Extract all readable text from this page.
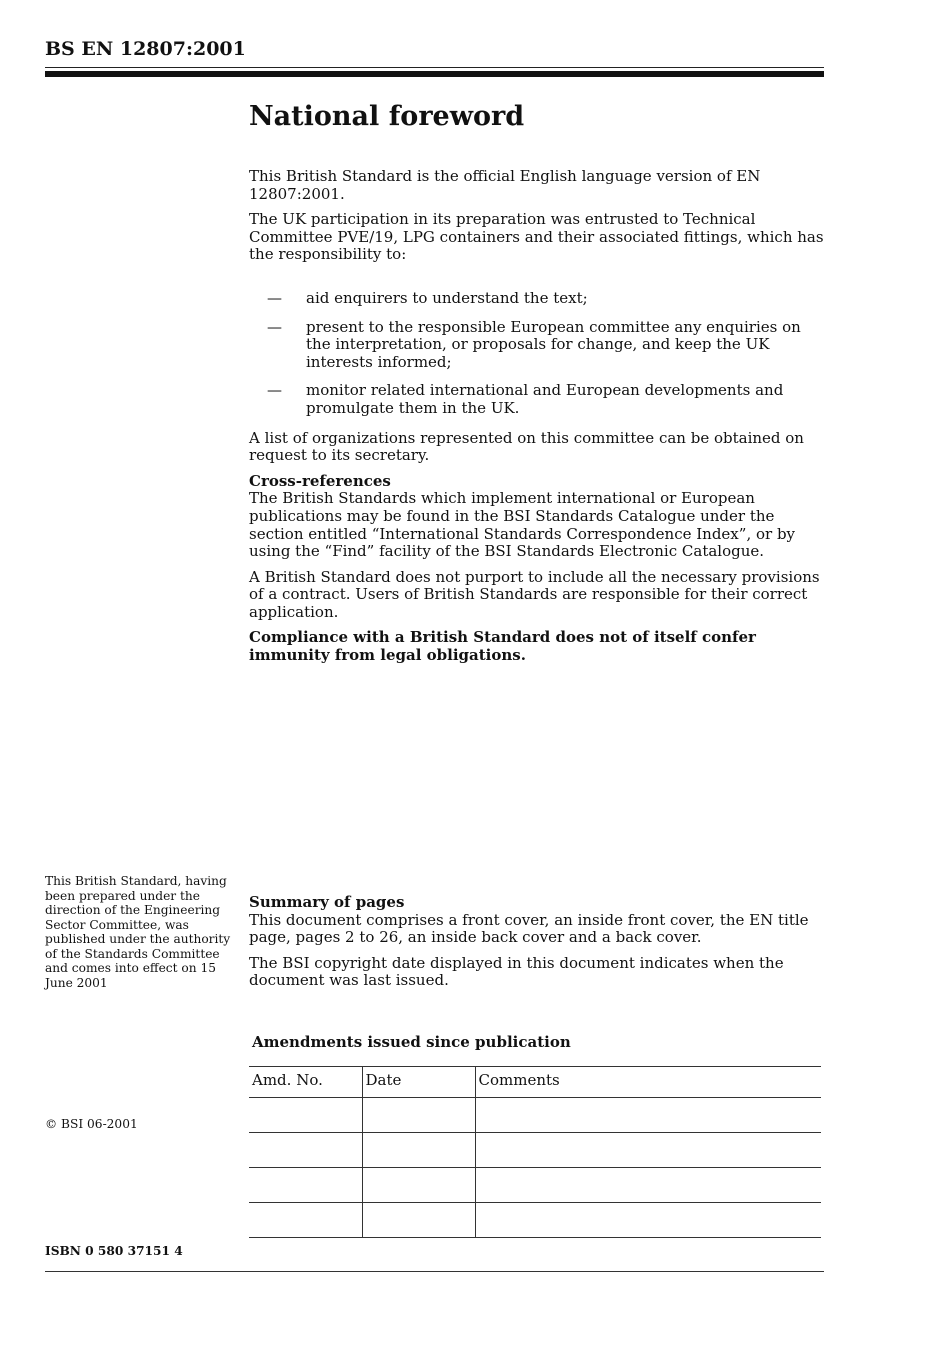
BS EN 12807:2001
National foreword

This British Standard is the official English language version of EN 12807:2001.

The UK participation in its preparation was entrusted to Technical Committee PVE/19, LPG containers and their associated fittings, which has the responsibility to:

—	aid enquirers to understand the text;
—	present to the responsible European committee any enquiries on the interpretation, or proposals for change, and keep the UK interests informed;
—	monitor related international and European developments and promulgate them in the UK.

A list of organizations represented on this committee can be obtained on request to its secretary.

Cross-references

The British Standards which implement international or European publications may be found in the BSI Standards Catalogue under the section entitled “International Standards Correspondence Index”, or by using the “Find” facility of the BSI Standards Electronic Catalogue.

A British Standard does not purport to include all the necessary provisions of a contract. Users of British Standards are responsible for their correct application.

Compliance with a British Standard does not of itself confer immunity from legal obligations.

This British Standard, having been prepared under the direction of the Engineering Sector Committee, was published under the authority of the Standards Committee and comes into effect on 15 June 2001

Summary of pages

This document comprises a front cover, an inside front cover, the EN title page, pages 2 to 26, an inside back cover and a back cover.

The BSI copyright date displayed in this document indicates when the document was last issued.

Amendments issued since publication

Amd. No.	Date	Comments

© BSI 06-2001

ISBN 0 580 37151 4
